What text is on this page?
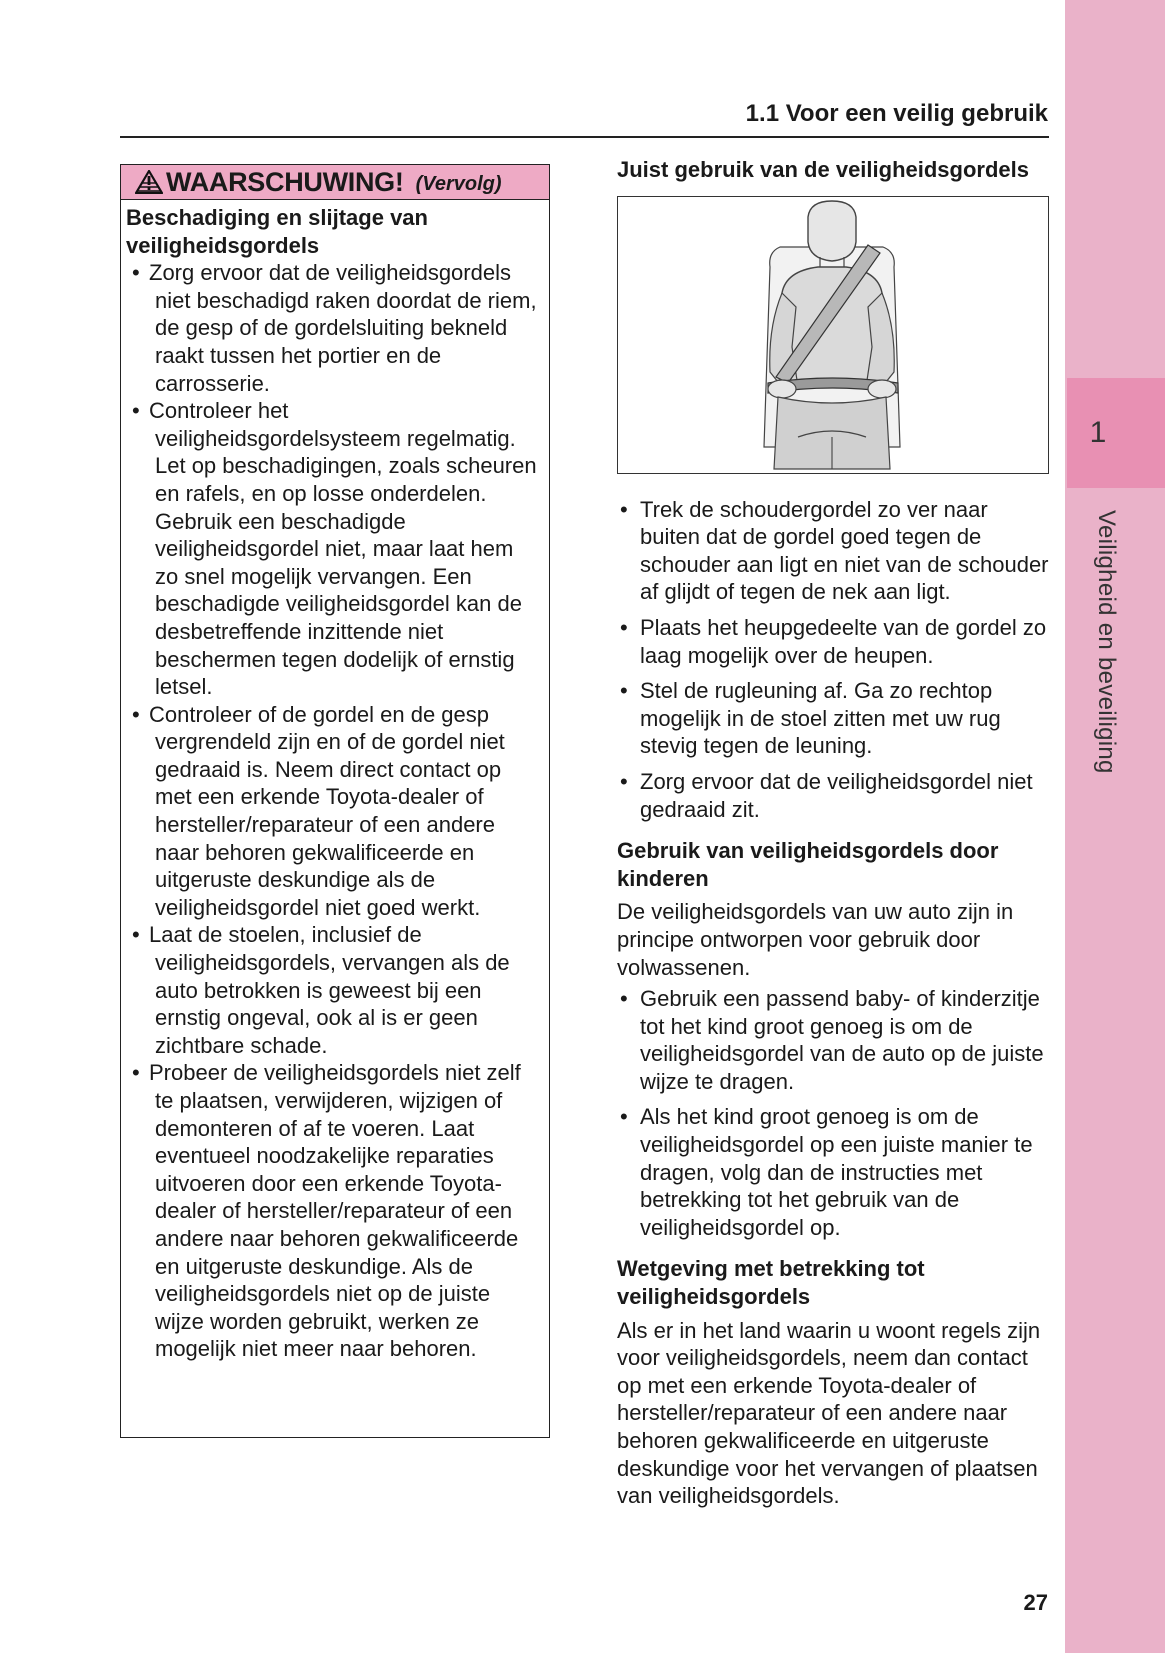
1
Veiligheid en beveiliging
1.1 Voor een veilig gebruik
WAARSCHUWING! (Vervolg)
Beschadiging en slijtage van veiligheidsgordels
• Zorg ervoor dat de veiligheidsgordels niet beschadigd raken doordat de riem, de gesp of de gordelsluiting bekneld raakt tussen het portier en de carrosserie.
• Controleer het veiligheidsgordelsysteem regelmatig. Let op beschadigingen, zoals scheuren en rafels, en op losse onderdelen. Gebruik een beschadigde veiligheidsgordel niet, maar laat hem zo snel mogelijk vervangen. Een beschadigde veiligheidsgordel kan de desbetreffende inzittende niet beschermen tegen dodelijk of ernstig letsel.
• Controleer of de gordel en de gesp vergrendeld zijn en of de gordel niet gedraaid is. Neem direct contact op met een erkende Toyota-dealer of hersteller/reparateur of een andere naar behoren gekwalificeerde en uitgeruste deskundige als de veiligheidsgordel niet goed werkt.
• Laat de stoelen, inclusief de veiligheidsgordels, vervangen als de auto betrokken is geweest bij een ernstig ongeval, ook al is er geen zichtbare schade.
• Probeer de veiligheidsgordels niet zelf te plaatsen, verwijderen, wijzigen of demonteren of af te voeren. Laat eventueel noodzakelijke reparaties uitvoeren door een erkende Toyota-dealer of hersteller/reparateur of een andere naar behoren gekwalificeerde en uitgeruste deskundige. Als de veiligheidsgordels niet op de juiste wijze worden gebruikt, werken ze mogelijk niet meer naar behoren.
Juist gebruik van de veiligheidsgordels
• Trek de schoudergordel zo ver naar buiten dat de gordel goed tegen de schouder aan ligt en niet van de schouder af glijdt of tegen de nek aan ligt.
• Plaats het heupgedeelte van de gordel zo laag mogelijk over de heupen.
• Stel de rugleuning af. Ga zo rechtop mogelijk in de stoel zitten met uw rug stevig tegen de leuning.
• Zorg ervoor dat de veiligheidsgordel niet gedraaid zit.
Gebruik van veiligheidsgordels door kinderen

De veiligheidsgordels van uw auto zijn in principe ontworpen voor gebruik door volwassenen.

• Gebruik een passend baby- of kinderzitje tot het kind groot genoeg is om de veiligheidsgordel van de auto op de juiste wijze te dragen.
• Als het kind groot genoeg is om de veiligheidsgordel op een juiste manier te dragen, volg dan de instructies met betrekking tot het gebruik van de veiligheidsgordel op.
Wetgeving met betrekking tot veiligheidsgordels

Als er in het land waarin u woont regels zijn voor veiligheidsgordels, neem dan contact op met een erkende Toyota-dealer of hersteller/reparateur of een andere naar behoren gekwalificeerde en uitgeruste deskundige voor het vervangen of plaatsen van veiligheidsgordels.

27
